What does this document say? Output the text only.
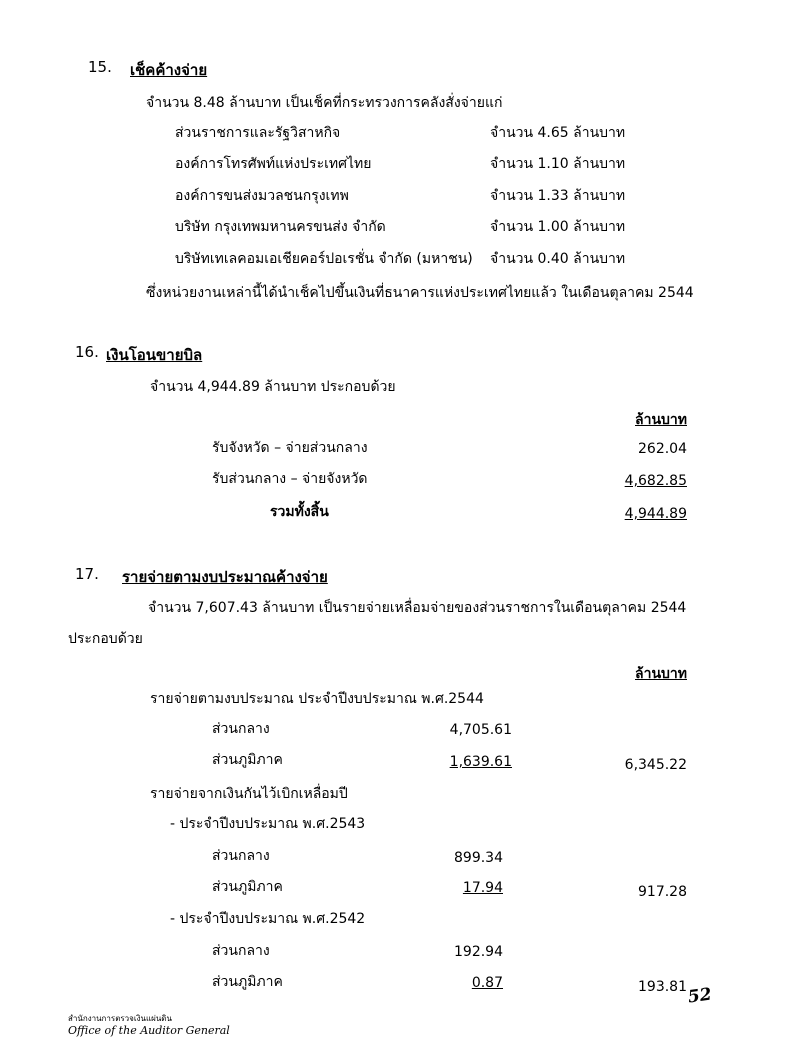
15. เช็คค้างจ่าย
จำนวน 8.48 ล้านบาท เป็นเช็คที่กระทรวงการคลังสั่งจ่ายแก่
ส่วนราชการและรัฐวิสาหกิจ	จำนวน 4.65 ล้านบาท
องค์การโทรศัพท์แห่งประเทศไทย	จำนวน 1.10 ล้านบาท
องค์การขนส่งมวลชนกรุงเทพ	จำนวน 1.33 ล้านบาท
บริษัท กรุงเทพมหานครขนส่ง จำกัด	จำนวน 1.00 ล้านบาท
บริษัทเทเลคอมเอเชียคอร์ปอเรชั่น จำกัด (มหาชน) จำนวน 0.40 ล้านบาท
ซึ่งหน่วยงานเหล่านี้ได้นำเช็คไปขึ้นเงินที่ธนาคารแห่งประเทศไทยแล้ว ในเดือนตุลาคม 2544
16. เงินโอนขายบิล
จำนวน 4,944.89 ล้านบาท ประกอบด้วย
ล้านบาท
รับจังหวัด – จ่ายส่วนกลาง	262.04
รับส่วนกลาง – จ่ายจังหวัด	4,682.85
รวมทั้งสิ้น	4,944.89
17. รายจ่ายตามงบประมาณค้างจ่าย
จำนวน 7,607.43 ล้านบาท เป็นรายจ่ายเหลื่อมจ่ายของส่วนราชการในเดือนตุลาคม 2544
ประกอบด้วย
ล้านบาท
รายจ่ายตามงบประมาณ ประจำปีงบประมาณ พ.ศ.2544
ส่วนกลาง	4,705.61
ส่วนภูมิภาค	1,639.61	6,345.22
รายจ่ายจากเงินกันไว้เบิกเหลื่อมปี
- ประจำปีงบประมาณ พ.ศ.2543
ส่วนกลาง	899.34
ส่วนภูมิภาค	17.94	917.28
- ประจำปีงบประมาณ พ.ศ.2542
ส่วนกลาง	192.94
ส่วนภูมิภาค	0.87	193.81 52
สำนักงานการตรวจเงินแผ่นดิน
Office of the Auditor General
